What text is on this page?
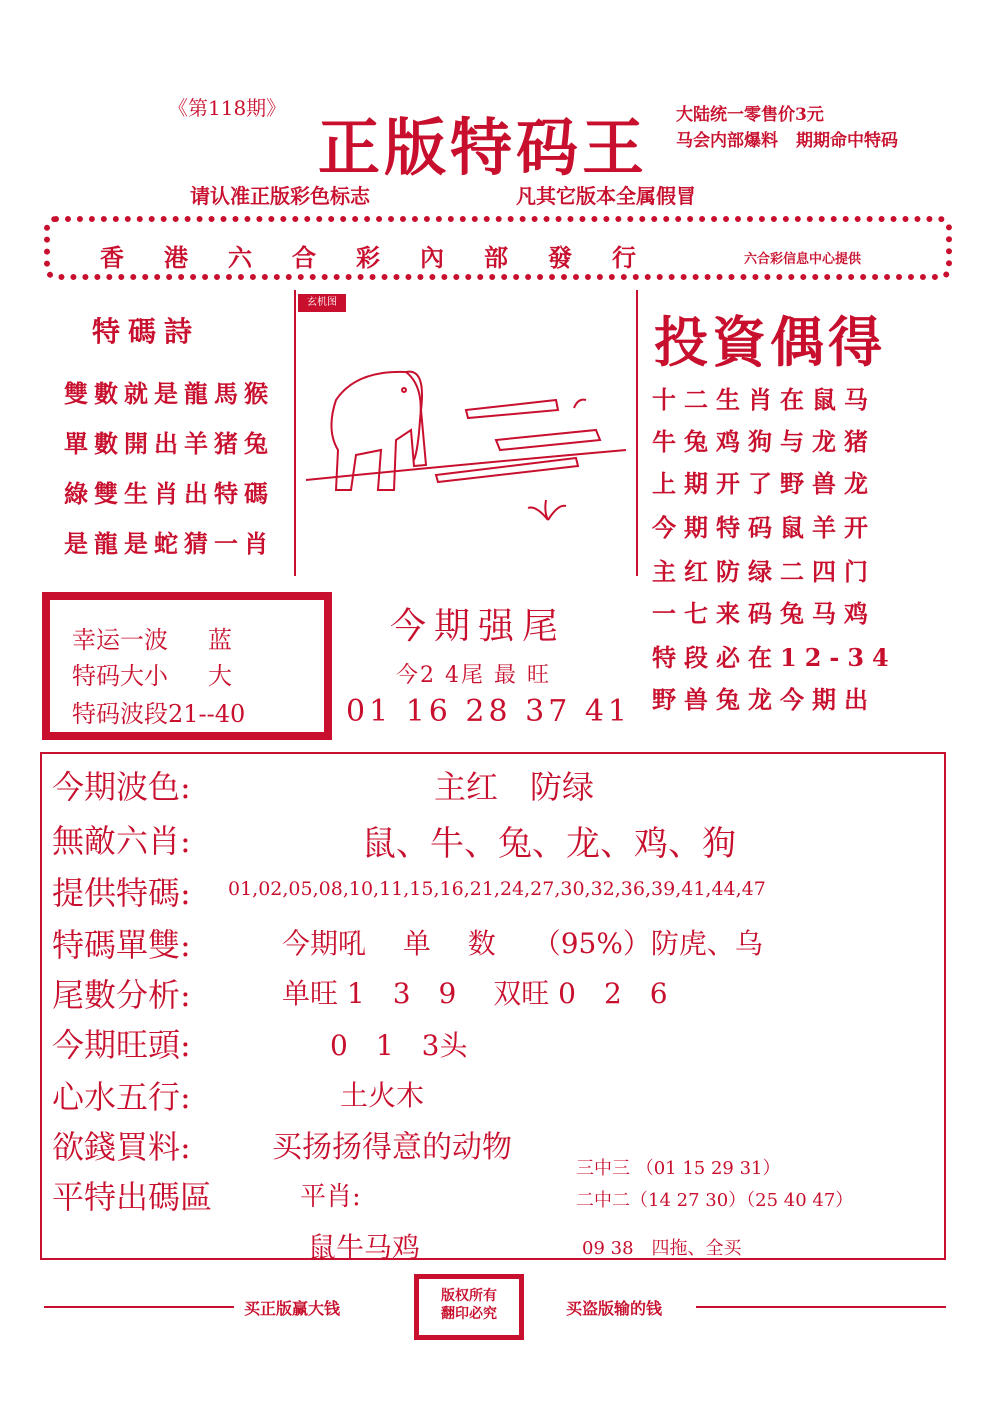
《第118期》
正版特码王 大陆统一零售价3元
马会内部爆料 期期命中特码
请认准正版彩色标志	凡其它版本全属假冒
香港六合彩內部發行	六合彩信息中心提供
特碼詩
雙數就是龍馬猴
單數開出羊猪兔
綠雙生肖出特碼
是龍是蛇猜一肖
玄机图
投資偶得
十二生肖在鼠马
牛兔鸡狗与龙猪
上期开了野兽龙
今期特码鼠羊开
主红防绿二四门
一七来码兔马鸡
特段必在12-34
野兽兔龙今期出
幸运一波 蓝
特码大小 大
特码波段21--40
今期强尾
今2 4尾 最 旺
01 16 28 37 41
今期波色:	主红　防绿
無敵六肖:	鼠、牛、兔、龙、鸡、狗
提供特碼: 01,02,05,08,10,11,15,16,21,24,27,30,32,36,39,41,44,47
特碼單雙:	今期吼　 单　 数　 （95%）防虎、乌
尾數分析:	单旺 1　3　9　 双旺 0　2　6
今期旺頭:	0　1　3头
心水五行:	土火木
欲錢買料:	买扬扬得意的动物
平特出碼區	平肖:
鼠牛马鸡
三中三 （01 15 29 31）
二中二（14 27 30）（25 40 47）
09 38　四拖、全买
买正版赢大钱
版权所有
翻印必究	买盗版输的钱
